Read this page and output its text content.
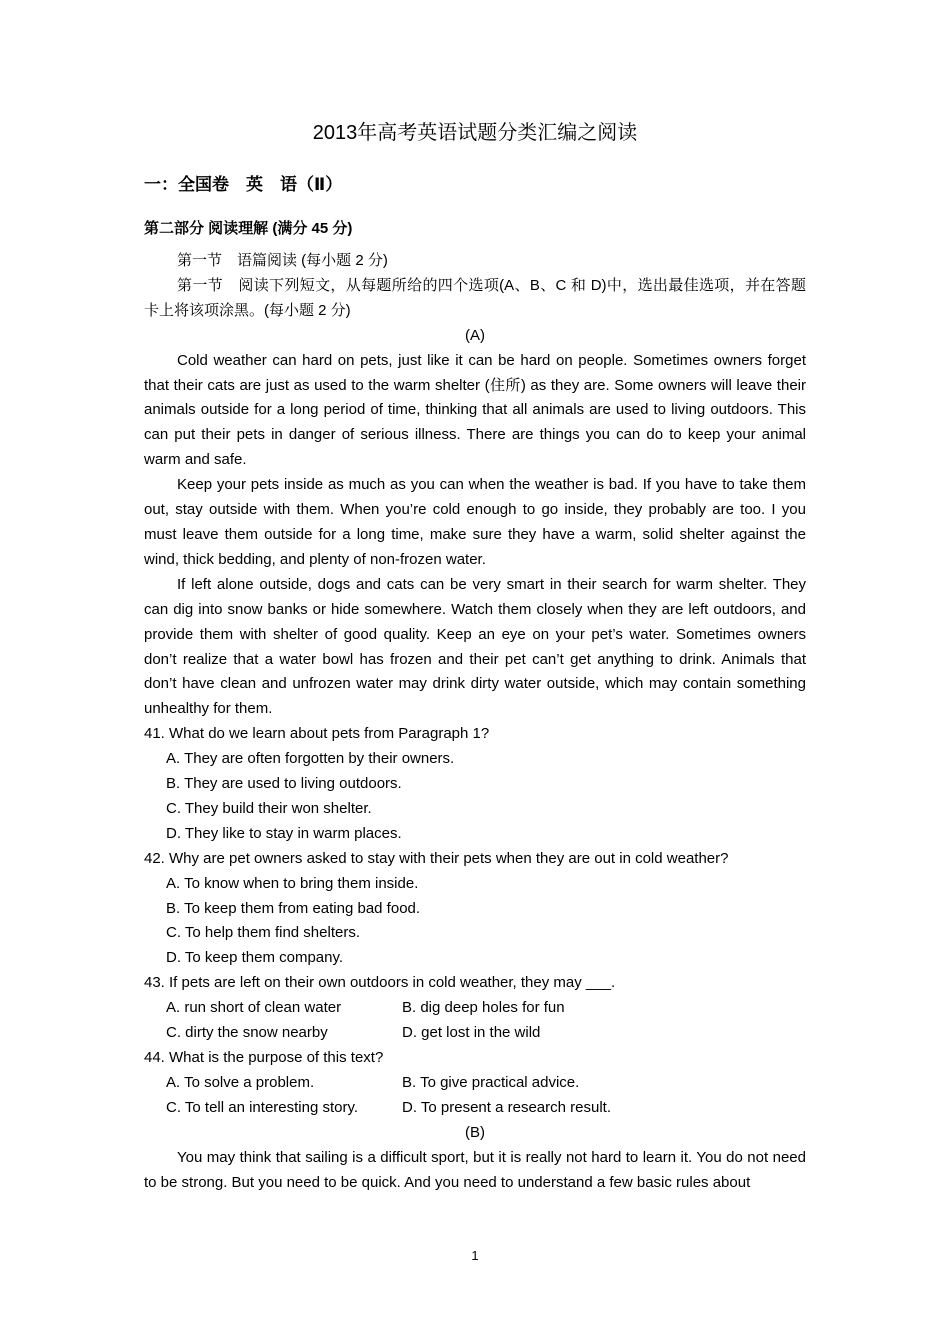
2013年高考英语试题分类汇编之阅读
一：全国卷　英　语（Ⅱ）
第二部分 阅读理解 (满分 45 分)

第一节　语篇阅读 (每小题 2 分)

第一节　阅读下列短文，从每题所给的四个选项(A、B、C 和 D)中，选出最佳选项，并在答题卡上将该项涂黑。(每小题 2 分)

(A)

Cold weather can hard on pets, just like it can be hard on people. Sometimes owners forget that their cats are just as used to the warm shelter (住所) as they are. Some owners will leave their animals outside for a long period of time, thinking that all animals are used to living outdoors. This can put their pets in danger of serious illness. There are things you can do to keep your animal warm and safe.

Keep your pets inside as much as you can when the weather is bad. If you have to take them out, stay outside with them. When you’re cold enough to go inside, they probably are too. I you must leave them outside for a long time, make sure they have a warm, solid shelter against the wind, thick bedding, and plenty of non-frozen water.

If left alone outside, dogs and cats can be very smart in their search for warm shelter. They can dig into snow banks or hide somewhere. Watch them closely when they are left outdoors, and provide them with shelter of good quality. Keep an eye on your pet’s water. Sometimes owners don’t realize that a water bowl has frozen and their pet can’t get anything to drink. Animals that don’t have clean and unfrozen water may drink dirty water outside, which may contain something unhealthy for them.

41. What do we learn about pets from Paragraph 1?

A. They are often forgotten by their owners.

B. They are used to living outdoors.

C. They build their won shelter.

D. They like to stay in warm places.

42. Why are pet owners asked to stay with their pets when they are out in cold weather?

A. To know when to bring them inside.

B. To keep them from eating bad food.

C. To help them find shelters.

D. To keep them company.

43. If pets are left on their own outdoors in cold weather, they may ___.

A. run short of clean water	B. dig deep holes for fun
C. dirty the snow nearby	D. get lost in the wild

44. What is the purpose of this text?

A. To solve a problem.	B. To give practical advice.
C. To tell an interesting story.	D. To present a research result.

(B)

You may think that sailing is a difficult sport, but it is really not hard to learn it. You do not need to be strong. But you need to be quick. And you need to understand a few basic rules about

1
